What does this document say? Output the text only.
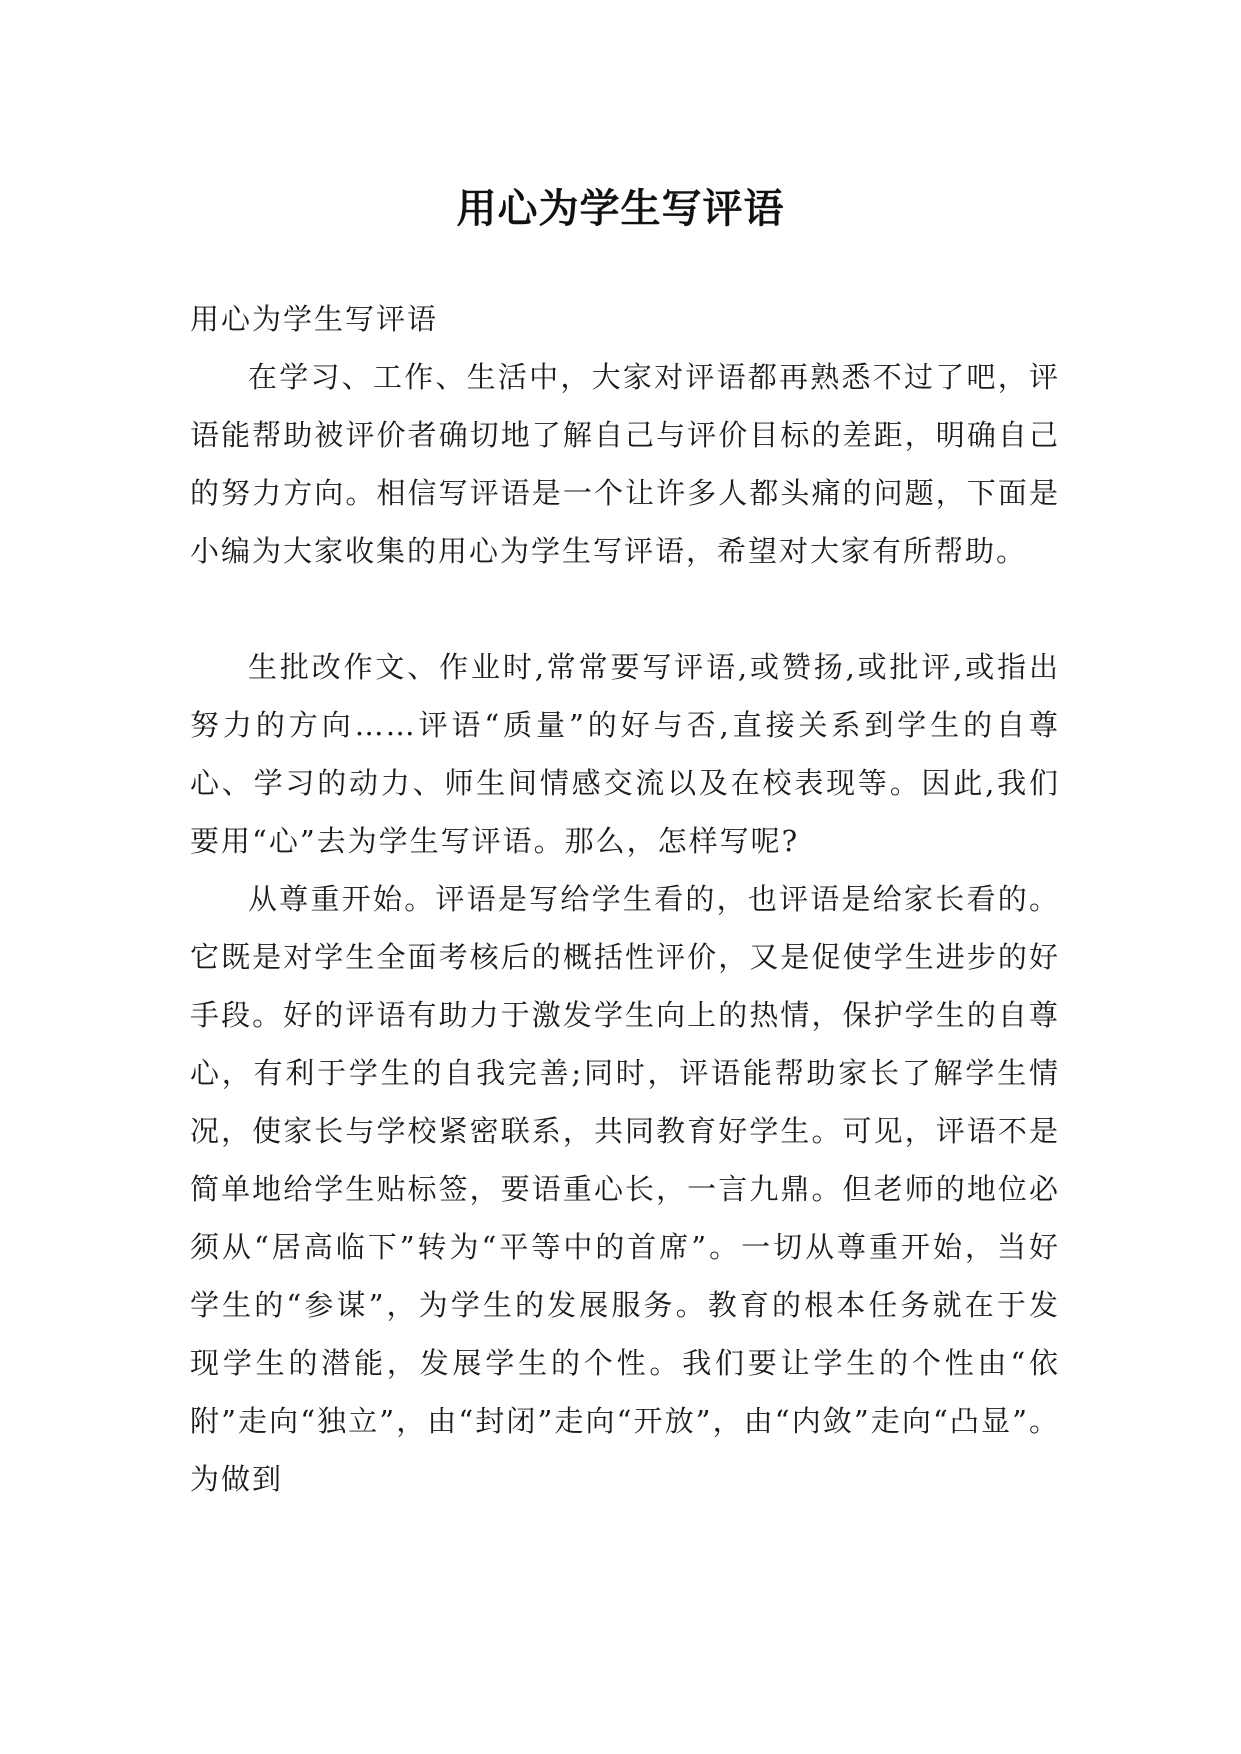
用心为学生写评语

用心为学生写评语

在学习、工作、生活中，大家对评语都再熟悉不过了吧，评语能帮助被评价者确切地了解自己与评价目标的差距，明确自己的努力方向。相信写评语是一个让许多人都头痛的问题，下面是小编为大家收集的用心为学生写评语，希望对大家有所帮助。

生批改作文、作业时,常常要写评语,或赞扬,或批评,或指出努力的方向……评语“质量”的好与否,直接关系到学生的自尊心、学习的动力、师生间情感交流以及在校表现等。因此,我们要用“心”去为学生写评语。那么，怎样写呢?

从尊重开始。评语是写给学生看的，也评语是给家长看的。它既是对学生全面考核后的概括性评价，又是促使学生进步的好手段。好的评语有助力于激发学生向上的热情，保护学生的自尊心，有利于学生的自我完善;同时，评语能帮助家长了解学生情况，使家长与学校紧密联系，共同教育好学生。可见，评语不是简单地给学生贴标签，要语重心长，一言九鼎。但老师的地位必须从“居高临下”转为“平等中的首席”。一切从尊重开始，当好学生的“参谋”，为学生的发展服务。教育的根本任务就在于发现学生的潜能，发展学生的个性。我们要让学生的个性由“依附”走向“独立”，由“封闭”走向“开放”，由“内敛”走向“凸显”。为做到
